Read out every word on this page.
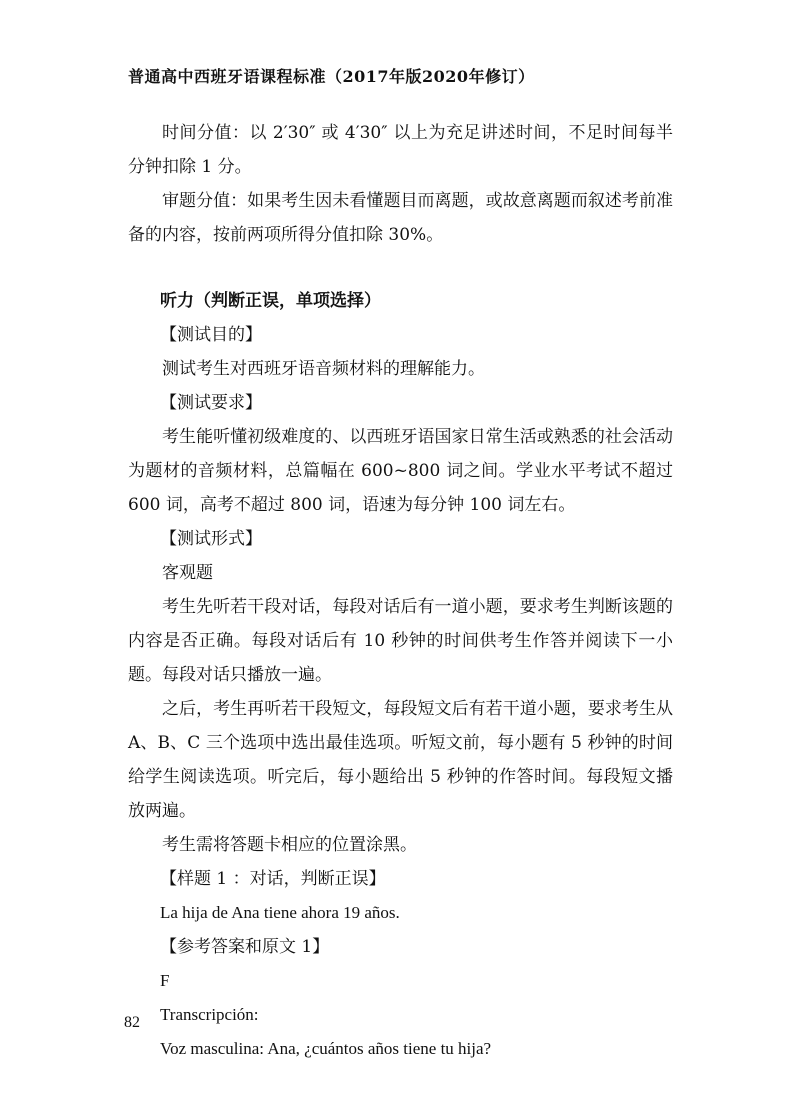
普通高中西班牙语课程标准（2017年版2020年修订）

时间分值：以 2′30″ 或 4′30″ 以上为充足讲述时间，不足时间每半分钟扣除 1 分。

审题分值：如果考生因未看懂题目而离题，或故意离题而叙述考前准备的内容，按前两项所得分值扣除 30%。

听力（判断正误，单项选择）

【测试目的】

测试考生对西班牙语音频材料的理解能力。

【测试要求】

考生能听懂初级难度的、以西班牙语国家日常生活或熟悉的社会活动为题材的音频材料，总篇幅在 600~800 词之间。学业水平考试不超过 600 词，高考不超过 800 词，语速为每分钟 100 词左右。

【测试形式】

客观题

考生先听若干段对话，每段对话后有一道小题，要求考生判断该题的内容是否正确。每段对话后有 10 秒钟的时间供考生作答并阅读下一小题。每段对话只播放一遍。

之后，考生再听若干段短文，每段短文后有若干道小题，要求考生从 A、B、C 三个选项中选出最佳选项。听短文前，每小题有 5 秒钟的时间给学生阅读选项。听完后，每小题给出 5 秒钟的作答时间。每段短文播放两遍。

考生需将答题卡相应的位置涂黑。

【样题 1 ：对话，判断正误】

La hija de Ana tiene ahora 19 años.

【参考答案和原文 1】

F

Transcripción:

Voz masculina: Ana, ¿cuántos años tiene tu hija?

82
